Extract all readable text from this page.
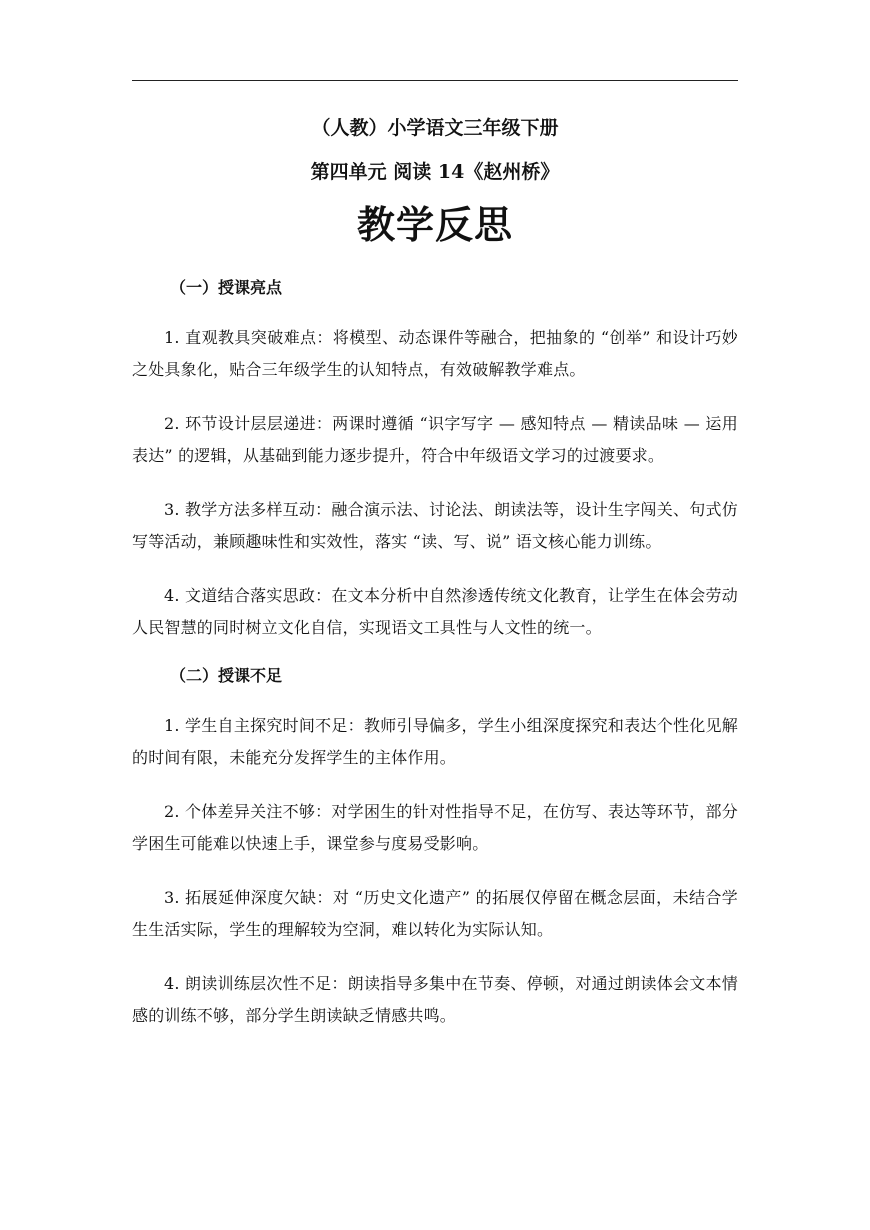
（人教）小学语文三年级下册

第四单元 阅读 14《赵州桥》

教学反思
（一）授课亮点

1. 直观教具突破难点：将模型、动态课件等融合，把抽象的 “创举” 和设计巧妙之处具象化，贴合三年级学生的认知特点，有效破解教学难点。

2. 环节设计层层递进：两课时遵循 “识字写字 — 感知特点 — 精读品味 — 运用表达” 的逻辑，从基础到能力逐步提升，符合中年级语文学习的过渡要求。

3. 教学方法多样互动：融合演示法、讨论法、朗读法等，设计生字闯关、句式仿写等活动，兼顾趣味性和实效性，落实 “读、写、说” 语文核心能力训练。

4. 文道结合落实思政：在文本分析中自然渗透传统文化教育，让学生在体会劳动人民智慧的同时树立文化自信，实现语文工具性与人文性的统一。

（二）授课不足

1. 学生自主探究时间不足：教师引导偏多，学生小组深度探究和表达个性化见解的时间有限，未能充分发挥学生的主体作用。

2. 个体差异关注不够：对学困生的针对性指导不足，在仿写、表达等环节，部分学困生可能难以快速上手，课堂参与度易受影响。

3. 拓展延伸深度欠缺：对 “历史文化遗产” 的拓展仅停留在概念层面，未结合学生生活实际，学生的理解较为空洞，难以转化为实际认知。

4. 朗读训练层次性不足：朗读指导多集中在节奏、停顿，对通过朗读体会文本情感的训练不够，部分学生朗读缺乏情感共鸣。
